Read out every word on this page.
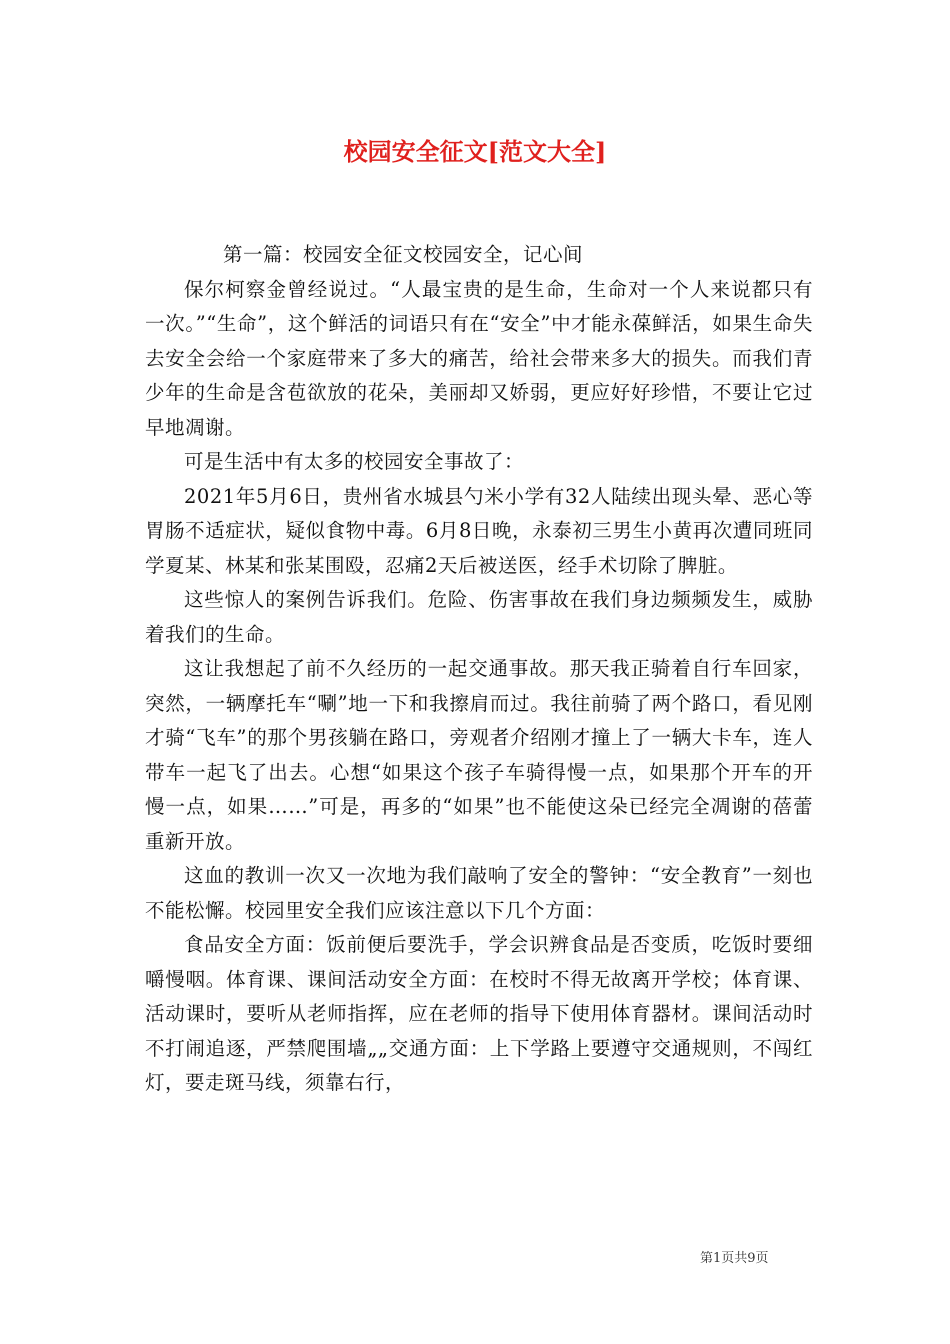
校园安全征文[范文大全]

第一篇：校园安全征文校园安全，记心间

保尔柯察金曾经说过。“人最宝贵的是生命，生命对一个人来说都只有一次。”“生命”，这个鲜活的词语只有在“安全”中才能永葆鲜活，如果生命失去安全会给一个家庭带来了多大的痛苦，给社会带来多大的损失。而我们青少年的生命是含苞欲放的花朵，美丽却又娇弱，更应好好珍惜，不要让它过早地凋谢。

可是生活中有太多的校园安全事故了：

2021年5月6日，贵州省水城县勺米小学有32人陆续出现头晕、恶心等胃肠不适症状，疑似食物中毒。6月8日晚，永泰初三男生小黄再次遭同班同学夏某、林某和张某围殴，忍痛2天后被送医，经手术切除了脾脏。

这些惊人的案例告诉我们。危险、伤害事故在我们身边频频发生，威胁着我们的生命。

这让我想起了前不久经历的一起交通事故。那天我正骑着自行车回家，突然，一辆摩托车“唰”地一下和我擦肩而过。我往前骑了两个路口，看见刚才骑“飞车”的那个男孩躺在路口，旁观者介绍刚才撞上了一辆大卡车，连人带车一起飞了出去。心想“如果这个孩子车骑得慢一点，如果那个开车的开慢一点，如果……”可是，再多的“如果”也不能使这朵已经完全凋谢的蓓蕾重新开放。

这血的教训一次又一次地为我们敲响了安全的警钟：“安全教育”一刻也不能松懈。校园里安全我们应该注意以下几个方面：

食品安全方面：饭前便后要洗手，学会识辨食品是否变质，吃饭时要细嚼慢咽。体育课、课间活动安全方面：在校时不得无故离开学校；体育课、活动课时，要听从老师指挥，应在老师的指导下使用体育器材。课间活动时不打闹追逐，严禁爬围墙„„交通方面：上下学路上要遵守交通规则，不闯红灯，要走斑马线，须靠右行，

第1页共9页
